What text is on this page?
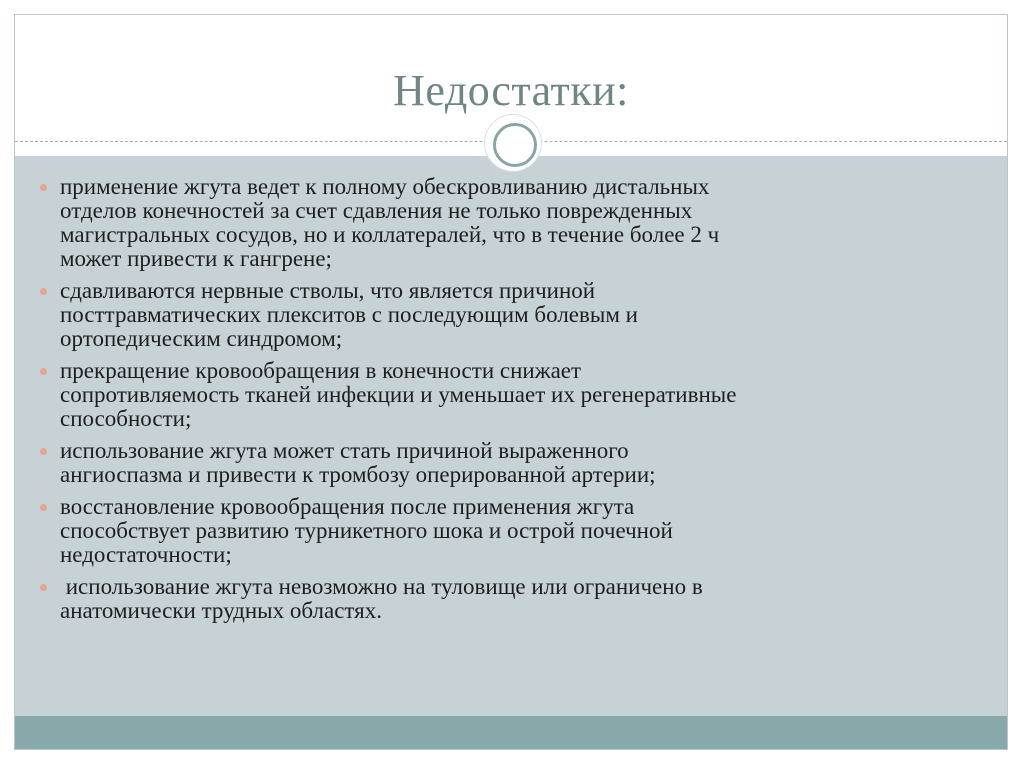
Недостатки:
применение жгута ведет к полному обескровливанию дистальных
отделов конечностей за счет сдавления не только поврежденных
магистральных сосудов, но и коллатералей, что в течение более 2 ч
может привести к гангрене;
сдавливаются нервные стволы, что является причиной
посттравматических плекситов с последующим болевым и
ортопедическим синдромом;
прекращение кровообращения в конечности снижает
сопротивляемость тканей инфекции и уменьшает их регенеративные
способности;
использование жгута может стать причиной выраженного
ангиоспазма и привести к тромбозу оперированной артерии;
восстановление кровообращения после применения жгута
способствует развитию турникетного шока и острой почечной
недостаточности;
использование жгута невозможно на туловище или ограничено в
анатомически трудных областях.
